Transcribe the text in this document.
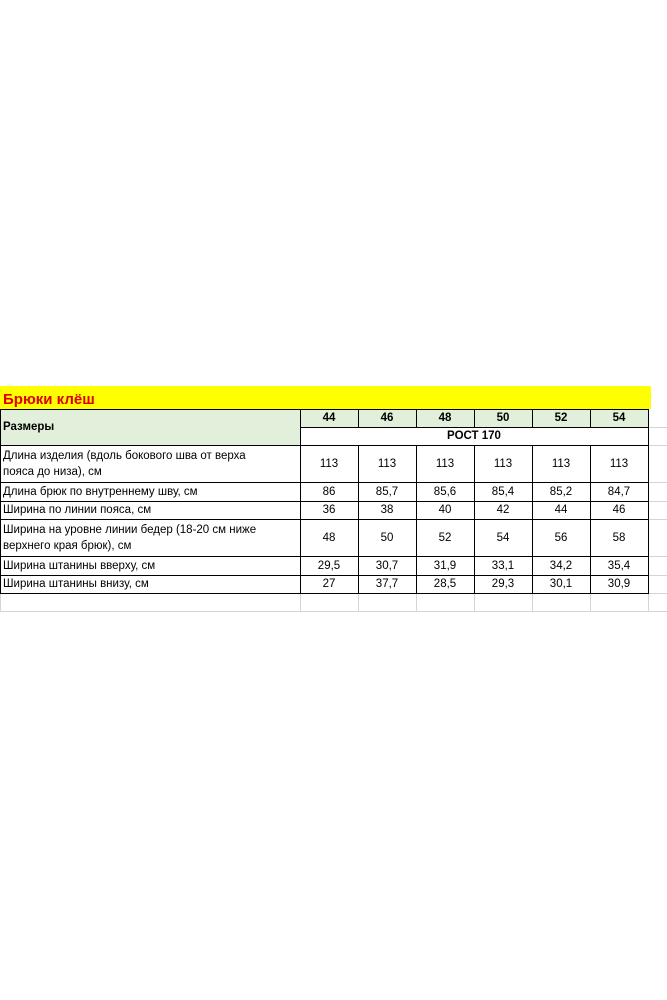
Брюки клёш
Размеры
44	46	48	50	52	54
РОСТ 170
Длина изделия (вдоль бокового шва от верха
пояса до низа), см
113	113	113	113	113	113
Длина брюк по внутреннему шву, см	86	85,7	85,6	85,4	85,2	84,7
Ширина по линии пояса, см	36	38	40	42	44	46
Ширина на уровне линии бедер (18-20 см ниже
верхнего края брюк), см
48	50	52	54	56	58
Ширина штанины вверху, см	29,5	30,7	31,9	33,1	34,2	35,4
Ширина штанины внизу, см	27	37,7	28,5	29,3	30,1	30,9
